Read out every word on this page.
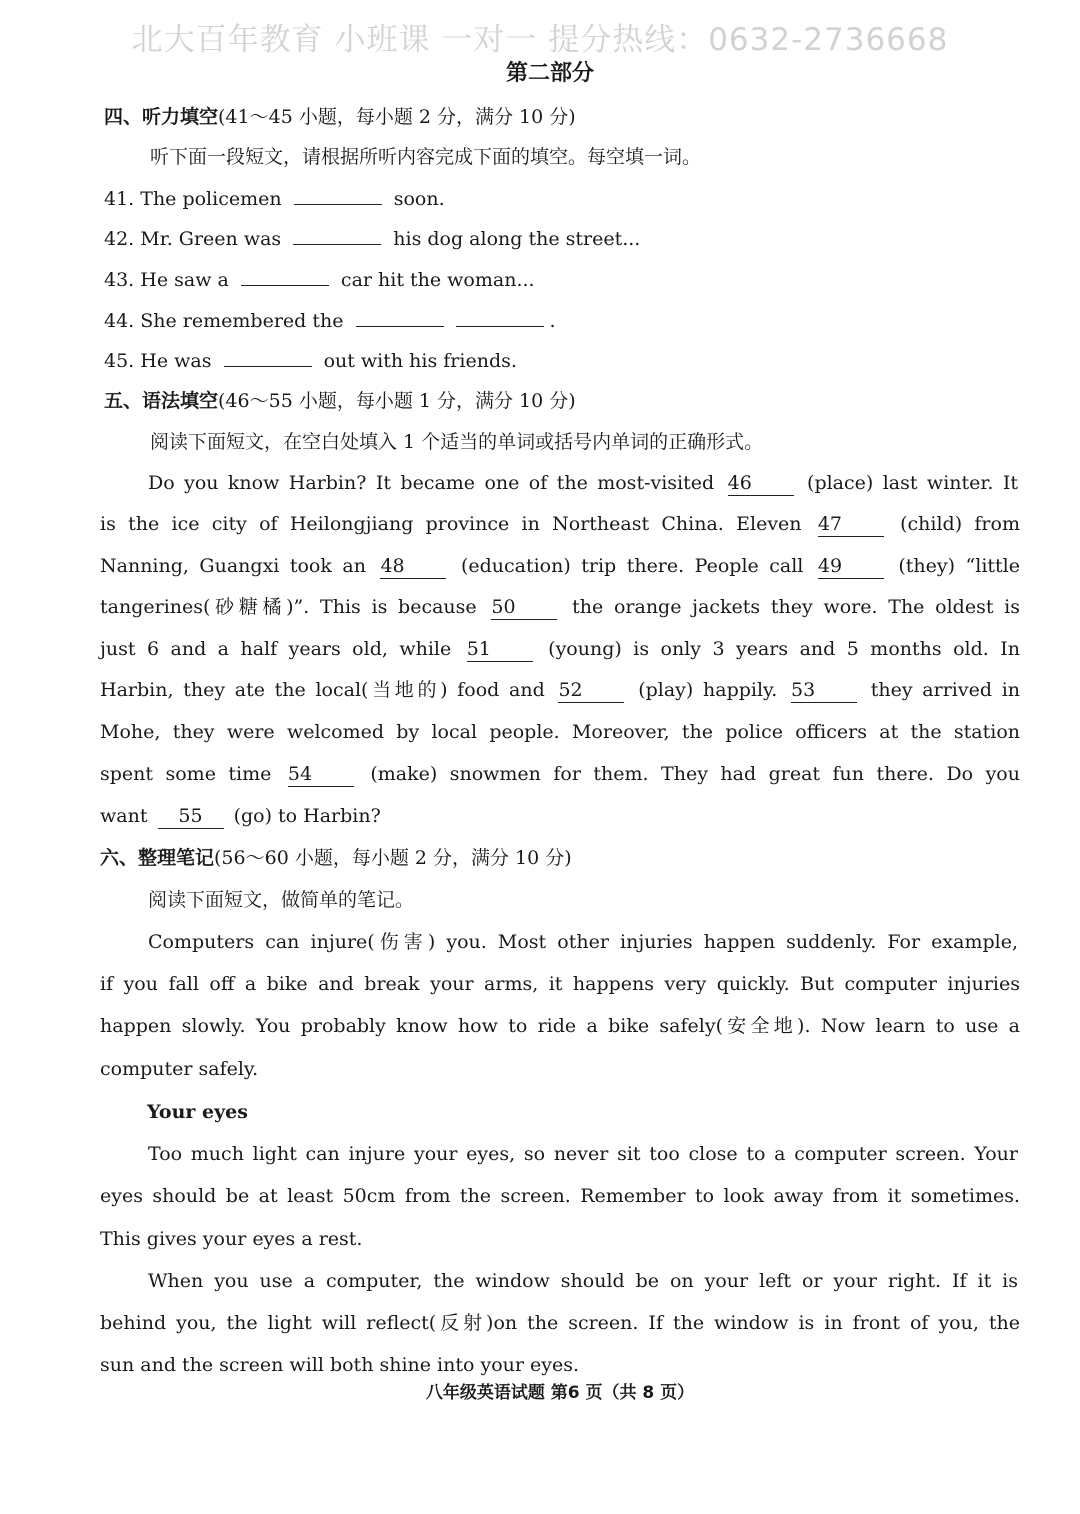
北大百年教育 小班课 一对一 提分热线：0632-2736668
第二部分
四、听力填空(41～45 小题，每小题 2 分，满分 10 分)
听下面一段短文，请根据所听内容完成下面的填空。每空填一词。
41. The policemen	soon.
42. Mr. Green was	his dog along the street...
43. He saw a	car hit the woman...
44. She remembered the	.
45. He was	out with his friends.
五、语法填空(46～55 小题，每小题 1 分，满分 10 分)
阅读下面短文，在空白处填入 1 个适当的单词或括号内单词的正确形式。
Do you know Harbin? It became one of the most-visited 46	(place) last winter. It
is the ice city of Heilongjiang province in Northeast China. Eleven 47	(child) from
Nanning, Guangxi took an 48	(education) trip there. People call 49	(they) “little
tangerines(砂糖橘)”. This is because 50	the orange jackets they wore. The oldest is
just 6 and a half years old, while 51	(young) is only 3 years and 5 months old. In
Harbin, they ate the local(当地的) food and 52	(play) happily. 53	they arrived in
Mohe, they were welcomed by local people. Moreover, the police officers at the station
spent some time 54	(make) snowmen for them. They had great fun there. Do you
want 55 (go) to Harbin?
六、整理笔记(56～60 小题，每小题 2 分，满分 10 分)
阅读下面短文，做简单的笔记。
Computers can injure(伤害) you. Most other injuries happen suddenly. For example,
if you fall off a bike and break your arms, it happens very quickly. But computer injuries
happen slowly. You probably know how to ride a bike safely(安全地). Now learn to use a
computer safely.
Your eyes
Too much light can injure your eyes, so never sit too close to a computer screen. Your
eyes should be at least 50cm from the screen. Remember to look away from it sometimes.
This gives your eyes a rest.
When you use a computer, the window should be on your left or your right. If it is
behind you, the light will reflect(反射)on the screen. If the window is in front of you, the
sun and the screen will both shine into your eyes.
八年级英语试题 第6 页（共 8 页）
